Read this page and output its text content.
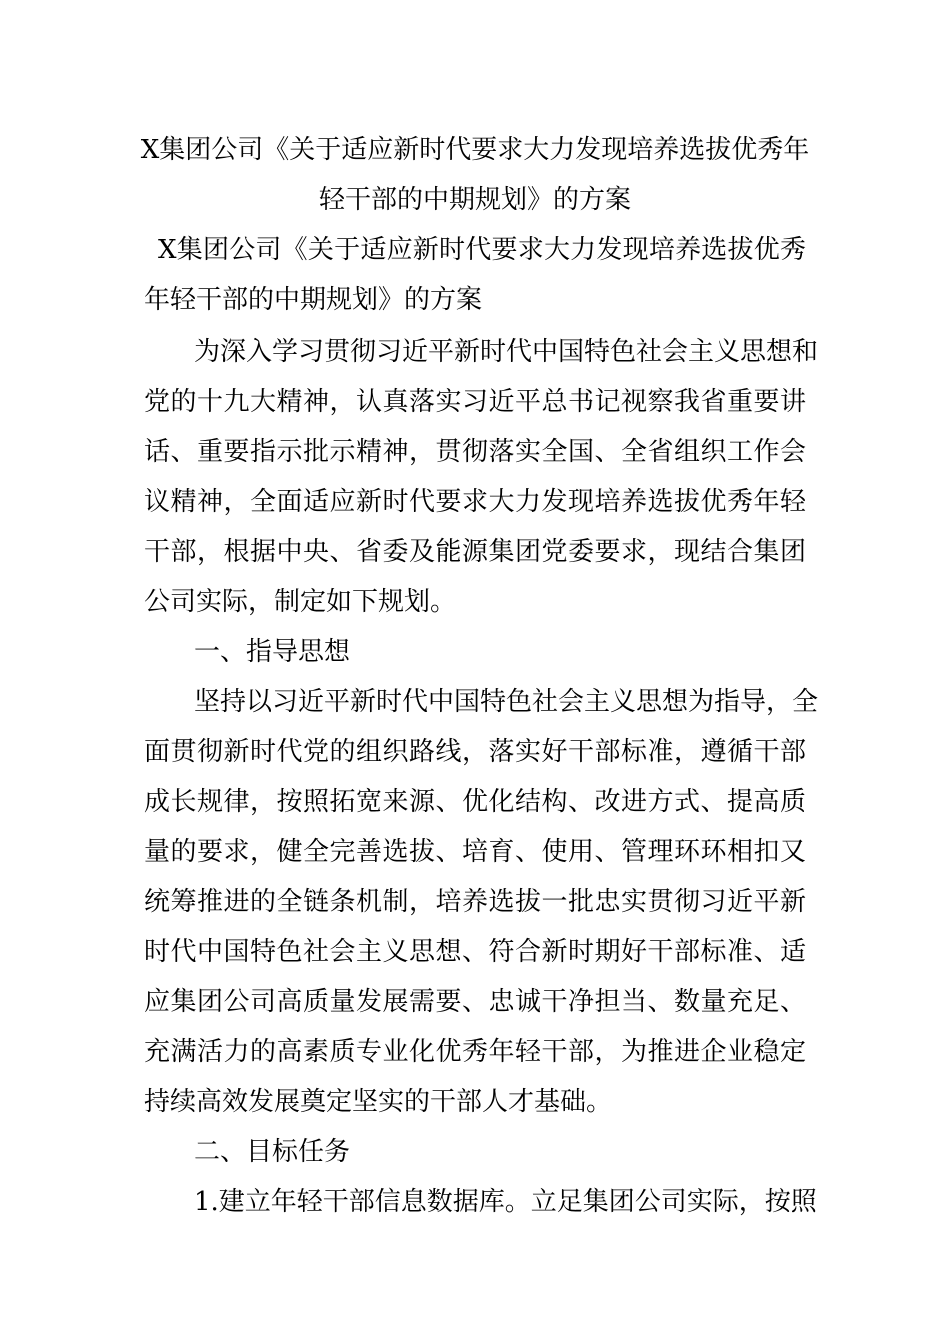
X集团公司《关于适应新时代要求大力发现培养选拔优秀年
轻干部的中期规划》的方案

X集团公司《关于适应新时代要求大力发现培养选拔优秀

年轻干部的中期规划》的方案

为深入学习贯彻习近平新时代中国特色社会主义思想和

党的十九大精神，认真落实习近平总书记视察我省重要讲

话、重要指示批示精神，贯彻落实全国、全省组织工作会

议精神，全面适应新时代要求大力发现培养选拔优秀年轻

干部，根据中央、省委及能源集团党委要求，现结合集团

公司实际，制定如下规划。

一、指导思想

坚持以习近平新时代中国特色社会主义思想为指导，全

面贯彻新时代党的组织路线，落实好干部标准，遵循干部

成长规律，按照拓宽来源、优化结构、改进方式、提高质

量的要求，健全完善选拔、培育、使用、管理环环相扣又

统筹推进的全链条机制，培养选拔一批忠实贯彻习近平新

时代中国特色社会主义思想、符合新时期好干部标准、适

应集团公司高质量发展需要、忠诚干净担当、数量充足、

充满活力的高素质专业化优秀年轻干部，为推进企业稳定

持续高效发展奠定坚实的干部人才基础。

二、目标任务

1.建立年轻干部信息数据库。立足集团公司实际，按照
